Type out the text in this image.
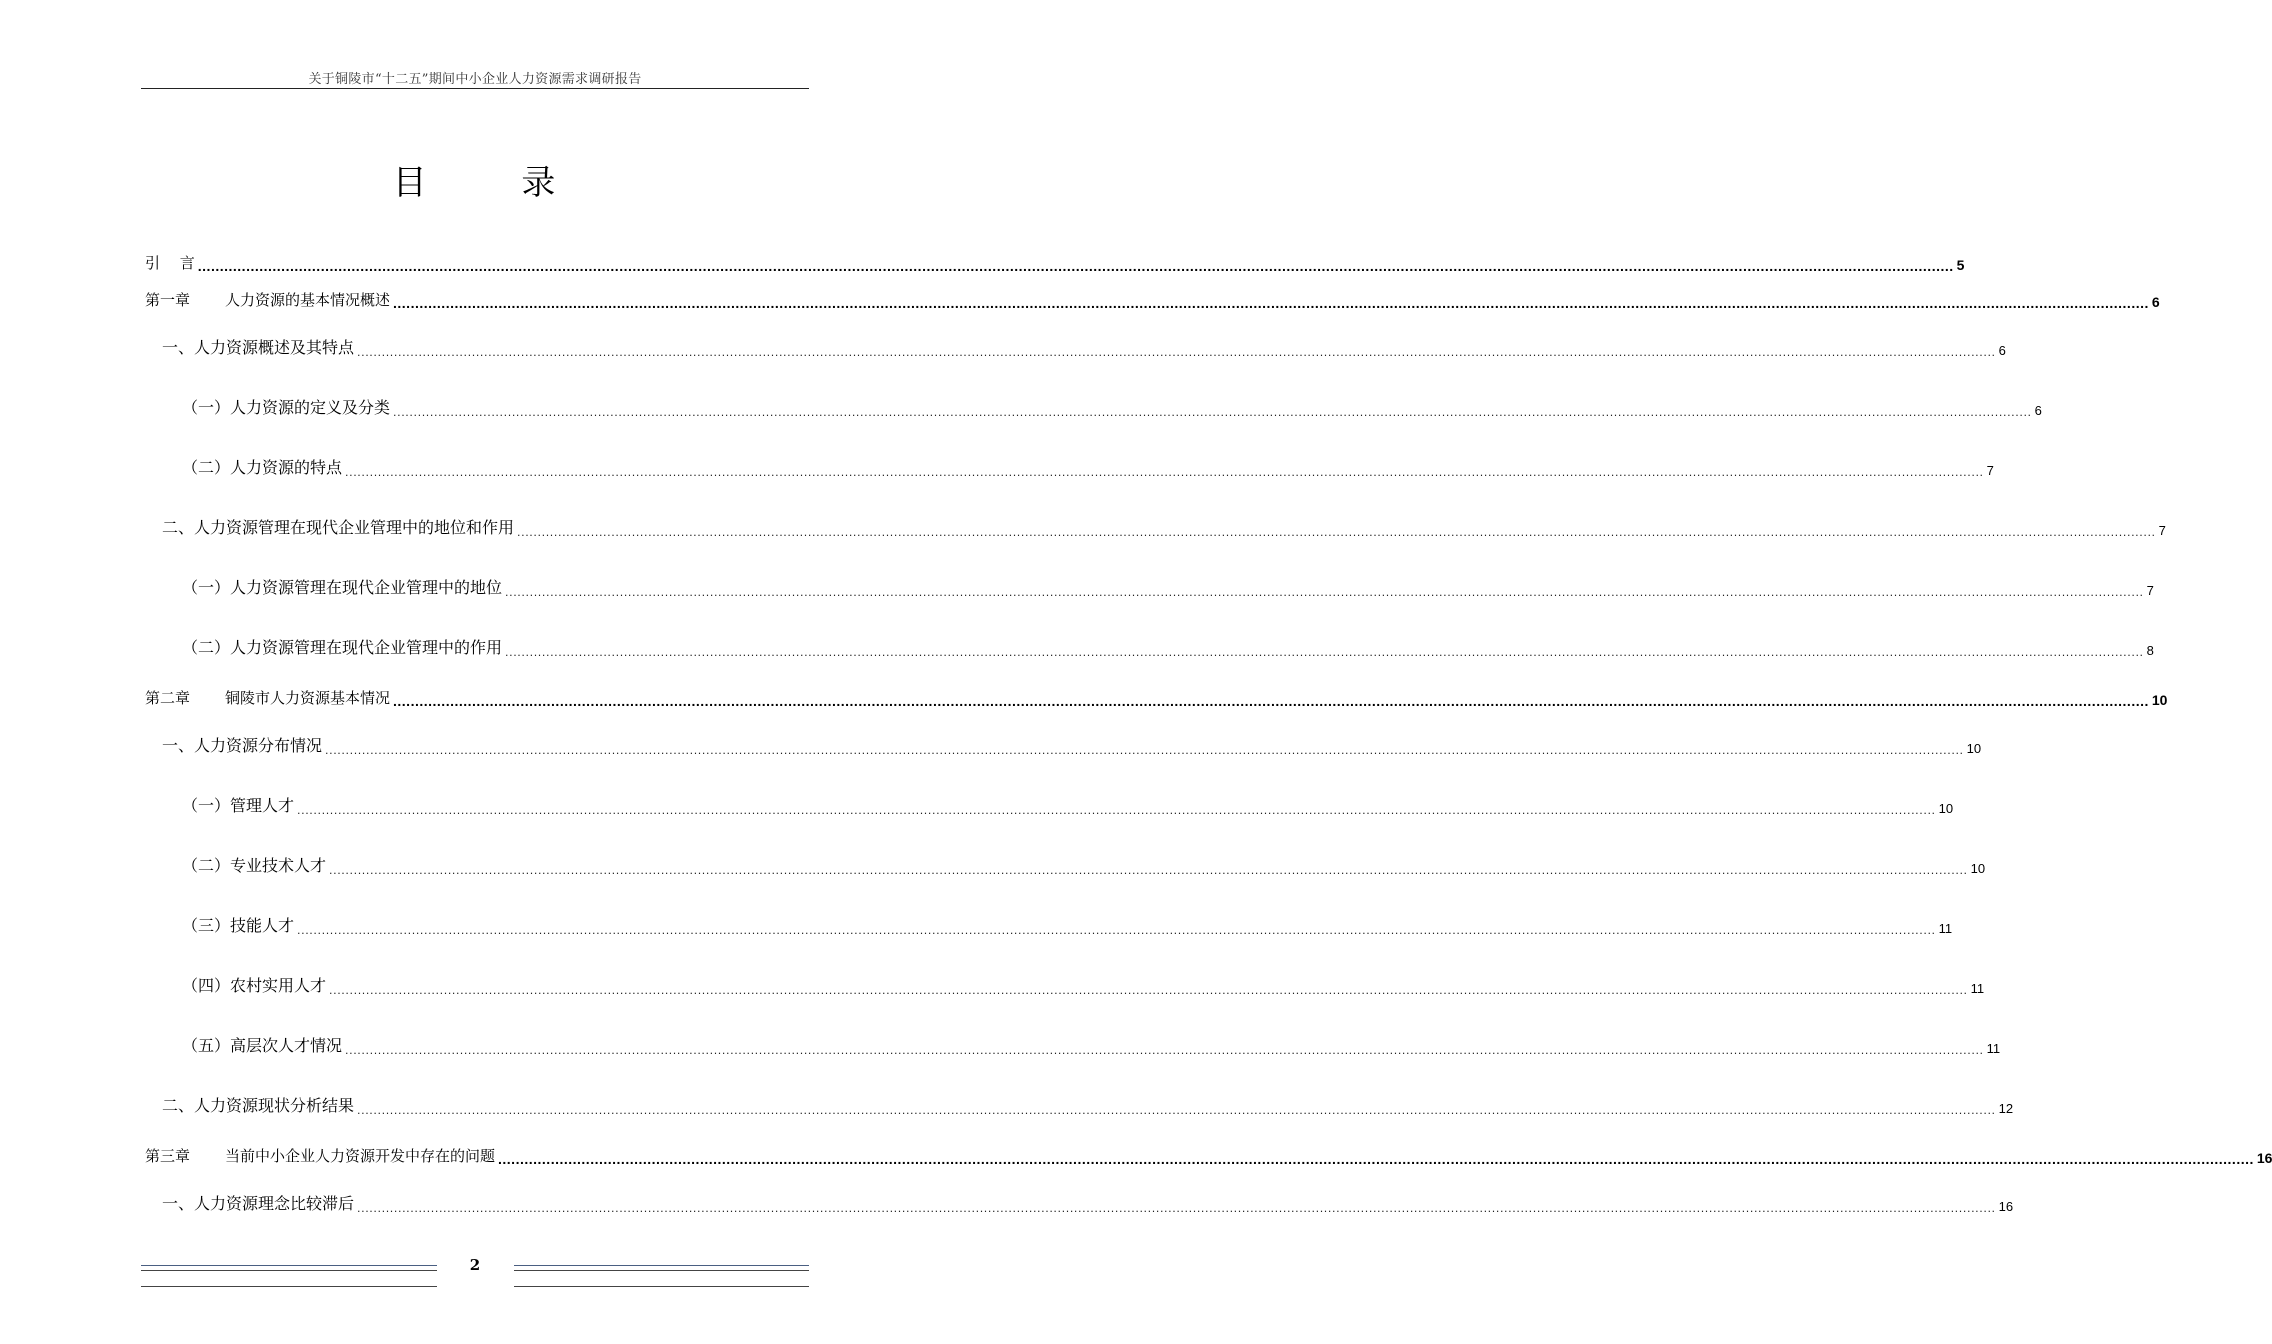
关于铜陵市“十二五”期间中小企业人力资源需求调研报告
目 录
引　 言 ................................................................................................................................................................................................................................................................................................................................................................................................................ 5
第一章 人力资源的基本情况概述 ................................................................................................................................................................................................................................................................................................................................................................................................................ 6
一、人力资源概述及其特点 ................................................................................................................................................................................................................................................................................................................................................................................................................ 6
（一）人力资源的定义及分类 ................................................................................................................................................................................................................................................................................................................................................................................................................ 6
（二）人力资源的特点 ................................................................................................................................................................................................................................................................................................................................................................................................................ 7
二、人力资源管理在现代企业管理中的地位和作用 ................................................................................................................................................................................................................................................................................................................................................................................................................ 7
（一）人力资源管理在现代企业管理中的地位 ................................................................................................................................................................................................................................................................................................................................................................................................................ 7
（二）人力资源管理在现代企业管理中的作用 ................................................................................................................................................................................................................................................................................................................................................................................................................ 8
第二章 铜陵市人力资源基本情况 ................................................................................................................................................................................................................................................................................................................................................................................................................ 10
一、人力资源分布情况 ................................................................................................................................................................................................................................................................................................................................................................................................................ 10
（一）管理人才 ................................................................................................................................................................................................................................................................................................................................................................................................................ 10
（二）专业技术人才 ................................................................................................................................................................................................................................................................................................................................................................................................................ 10
（三）技能人才 ................................................................................................................................................................................................................................................................................................................................................................................................................ 11
（四）农村实用人才 ................................................................................................................................................................................................................................................................................................................................................................................................................ 11
（五）高层次人才情况 ................................................................................................................................................................................................................................................................................................................................................................................................................ 11
二、人力资源现状分析结果 ................................................................................................................................................................................................................................................................................................................................................................................................................ 12
第三章 当前中小企业人力资源开发中存在的问题 ................................................................................................................................................................................................................................................................................................................................................................................................................ 16
一、人力资源理念比较滞后 ................................................................................................................................................................................................................................................................................................................................................................................................................ 16
2
